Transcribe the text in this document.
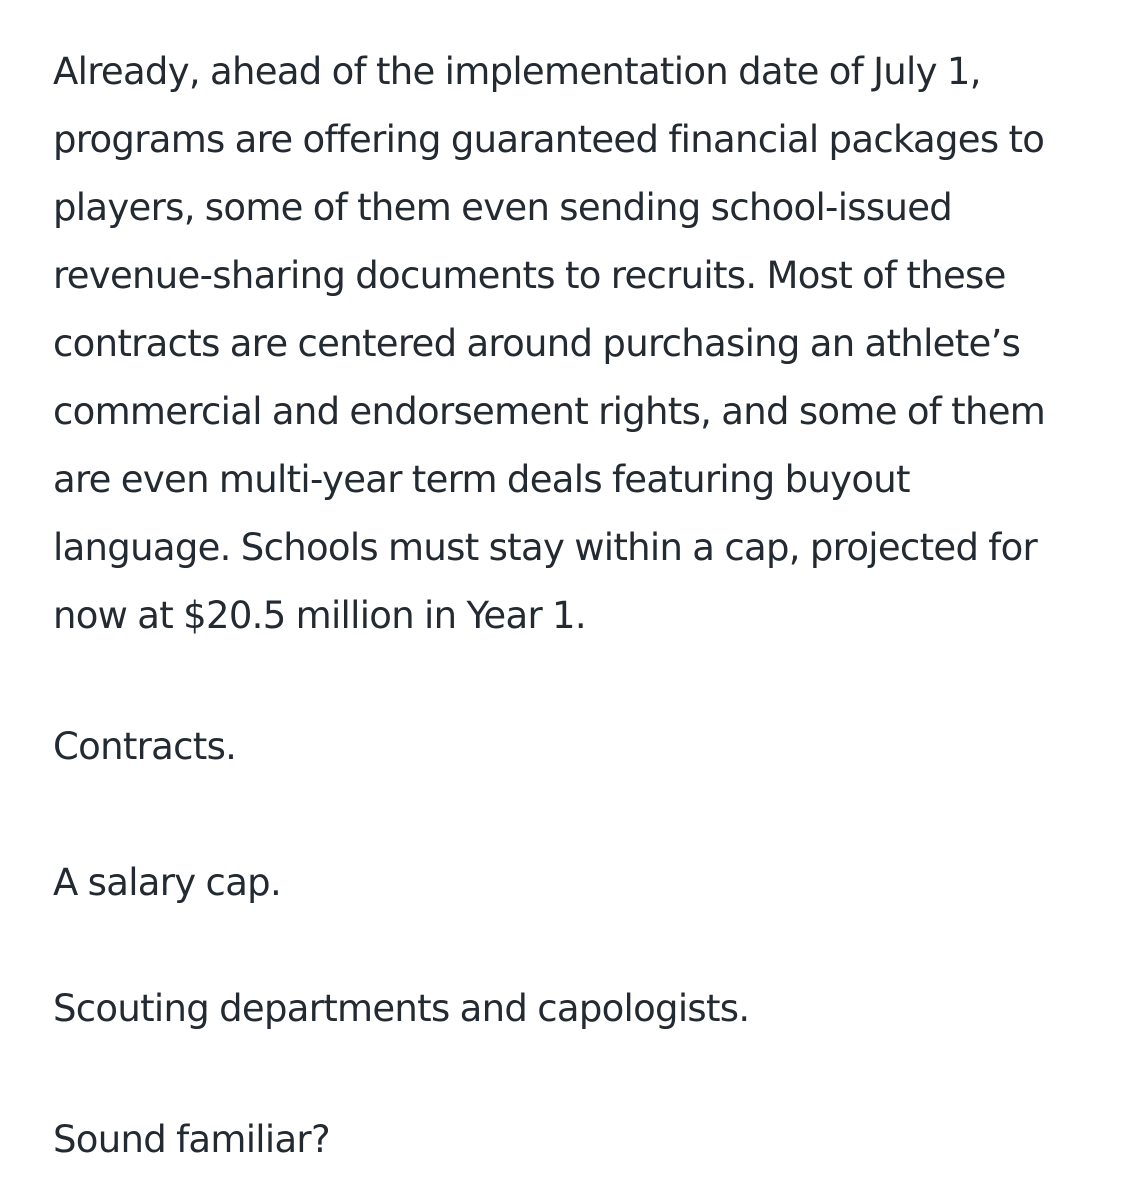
Already, ahead of the implementation date of July 1, programs are offering guaranteed financial packages to players, some of them even sending school-issued revenue-sharing documents to recruits. Most of these contracts are centered around purchasing an athlete’s commercial and endorsement rights, and some of them are even multi-year term deals featuring buyout language. Schools must stay within a cap, projected for now at $20.5 million in Year 1.

Contracts.

A salary cap.

Scouting departments and capologists.

Sound familiar?
